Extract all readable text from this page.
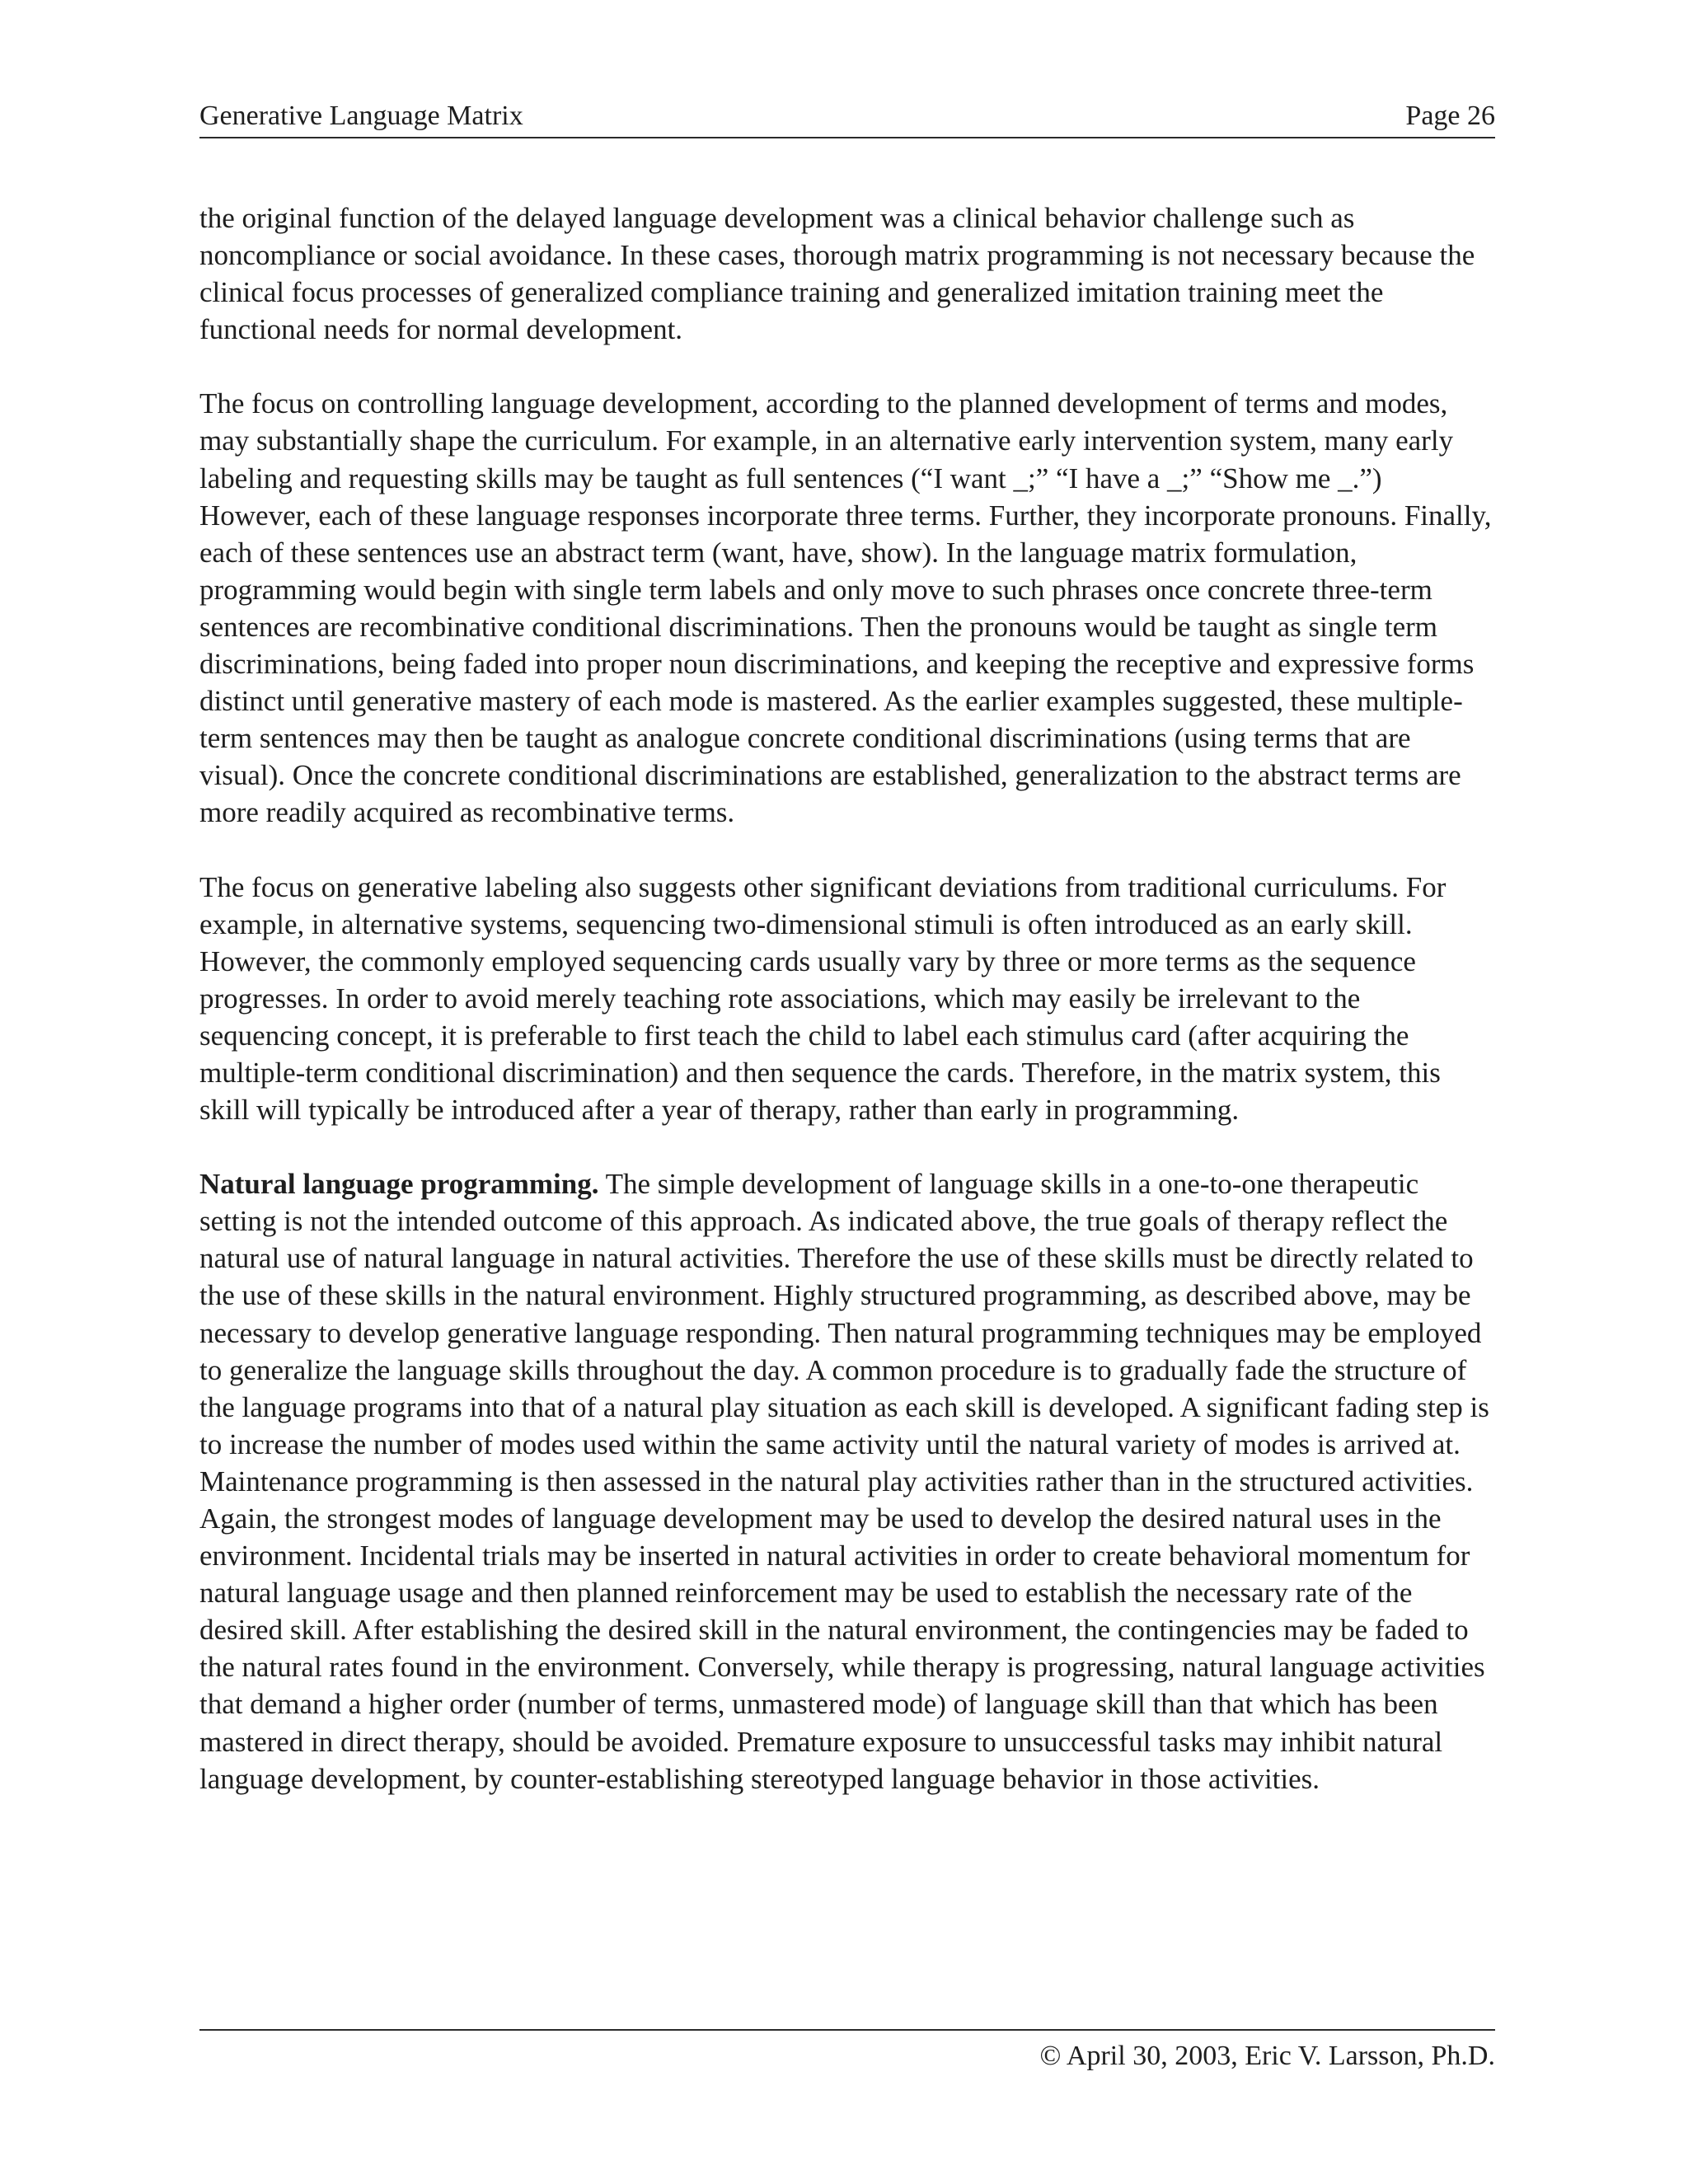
Generative Language Matrix	Page 26

the original function of the delayed language development was a clinical behavior challenge such as noncompliance or social avoidance. In these cases, thorough matrix programming is not necessary because the clinical focus processes of generalized compliance training and generalized imitation training meet the functional needs for normal development.

The focus on controlling language development, according to the planned development of terms and modes, may substantially shape the curriculum. For example, in an alternative early intervention system, many early labeling and requesting skills may be taught as full sentences (“I want _;” “I have a _;” “Show me _.”) However, each of these language responses incorporate three terms. Further, they incorporate pronouns. Finally, each of these sentences use an abstract term (want, have, show). In the language matrix formulation, programming would begin with single term labels and only move to such phrases once concrete three-term sentences are recombinative conditional discriminations. Then the pronouns would be taught as single term discriminations, being faded into proper noun discriminations, and keeping the receptive and expressive forms distinct until generative mastery of each mode is mastered. As the earlier examples suggested, these multiple-term sentences may then be taught as analogue concrete conditional discriminations (using terms that are visual). Once the concrete conditional discriminations are established, generalization to the abstract terms are more readily acquired as recombinative terms.

The focus on generative labeling also suggests other significant deviations from traditional curriculums. For example, in alternative systems, sequencing two-dimensional stimuli is often introduced as an early skill. However, the commonly employed sequencing cards usually vary by three or more terms as the sequence progresses. In order to avoid merely teaching rote associations, which may easily be irrelevant to the sequencing concept, it is preferable to first teach the child to label each stimulus card (after acquiring the multiple-term conditional discrimination) and then sequence the cards. Therefore, in the matrix system, this skill will typically be introduced after a year of therapy, rather than early in programming.

Natural language programming. The simple development of language skills in a one-to-one therapeutic setting is not the intended outcome of this approach. As indicated above, the true goals of therapy reflect the natural use of natural language in natural activities. Therefore the use of these skills must be directly related to the use of these skills in the natural environment. Highly structured programming, as described above, may be necessary to develop generative language responding. Then natural programming techniques may be employed to generalize the language skills throughout the day. A common procedure is to gradually fade the structure of the language programs into that of a natural play situation as each skill is developed. A significant fading step is to increase the number of modes used within the same activity until the natural variety of modes is arrived at. Maintenance programming is then assessed in the natural play activities rather than in the structured activities. Again, the strongest modes of language development may be used to develop the desired natural uses in the environment. Incidental trials may be inserted in natural activities in order to create behavioral momentum for natural language usage and then planned reinforcement may be used to establish the necessary rate of the desired skill. After establishing the desired skill in the natural environment, the contingencies may be faded to the natural rates found in the environment. Conversely, while therapy is progressing, natural language activities that demand a higher order (number of terms, unmastered mode) of language skill than that which has been mastered in direct therapy, should be avoided. Premature exposure to unsuccessful tasks may inhibit natural language development, by counter-establishing stereotyped language behavior in those activities.

© April 30, 2003, Eric V. Larsson, Ph.D.
